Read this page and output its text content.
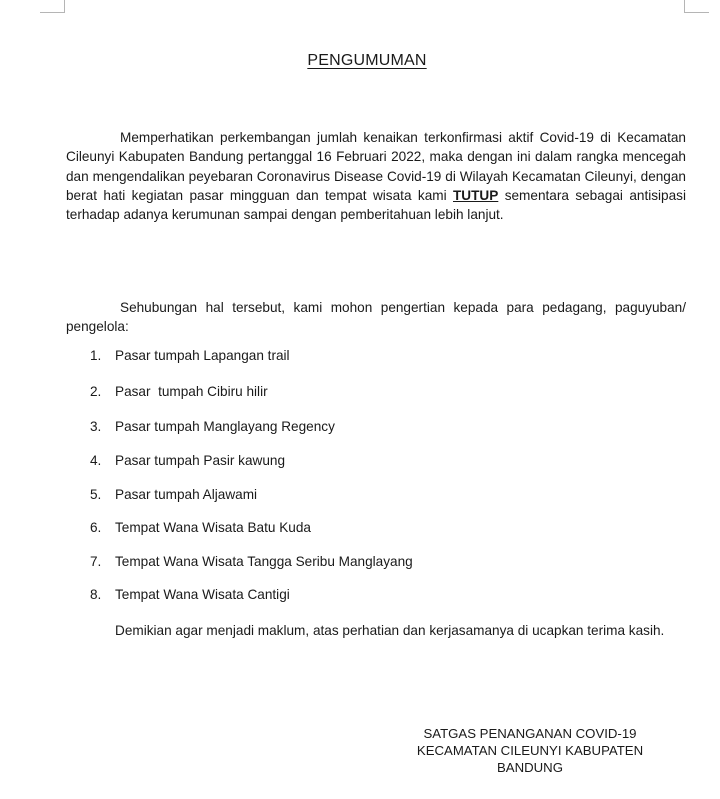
PENGUMUMAN

Memperhatikan perkembangan jumlah kenaikan terkonfirmasi aktif Covid-19 di Kecamatan Cileunyi Kabupaten Bandung pertanggal 16 Februari 2022, maka dengan ini dalam rangka mencegah dan mengendalikan peyebaran Coronavirus Disease Covid-19 di Wilayah Kecamatan Cileunyi, dengan berat hati kegiatan pasar mingguan dan tempat wisata kami TUTUP sementara sebagai antisipasi terhadap adanya kerumunan sampai dengan pemberitahuan lebih lanjut.

Sehubungan hal tersebut, kami mohon pengertian kepada para pedagang, paguyuban/ pengelola:

1. Pasar tumpah Lapangan trail
2. Pasar  tumpah Cibiru hilir
3. Pasar tumpah Manglayang Regency
4. Pasar tumpah Pasir kawung
5. Pasar tumpah Aljawami
6. Tempat Wana Wisata Batu Kuda
7. Tempat Wana Wisata Tangga Seribu Manglayang
8. Tempat Wana Wisata Cantigi

Demikian agar menjadi maklum, atas perhatian dan kerjasamanya di ucapkan terima kasih.

SATGAS PENANGANAN COVID-19
KECAMATAN CILEUNYI KABUPATEN
BANDUNG
